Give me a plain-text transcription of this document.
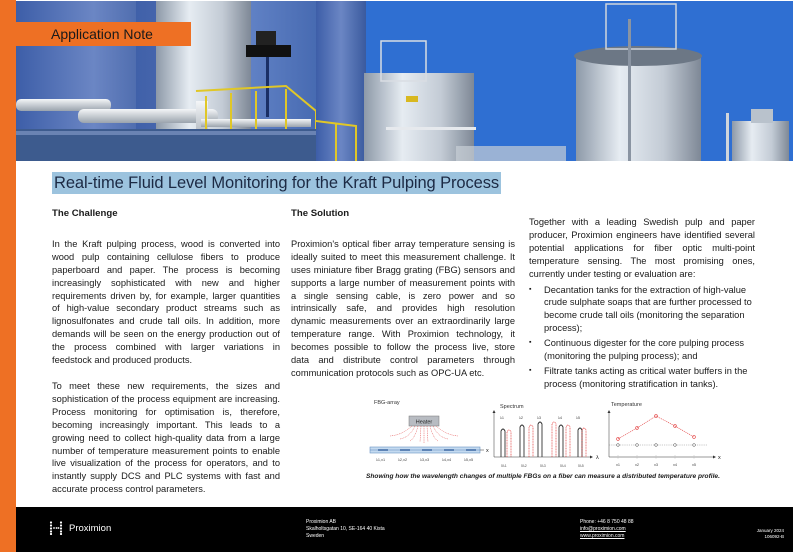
Application Note
Real-time Fluid Level Monitoring for the Kraft Pulping Process
The Challenge

In the Kraft pulping process, wood is converted into wood pulp containing cellulose fibers to produce paperboard and paper. The process is becoming increasingly sophisticated with new and higher requirements driven by, for example, larger quantities of high-value secondary product streams such as lignosulfonates and crude tall oils. In addition, more demands will be seen on the energy production out of the process combined with larger variations in feedstock and produced products.

To meet these new requirements, the sizes and sophistication of the process equipment are increasing. Process monitoring for optimisation is, therefore, becoming increasingly important. This leads to a growing need to collect high-quality data from a large number of temperature measurement points to enable live visualization of the process for operators, and to instantly supply DCS and PLC systems with fast and accurate process control parameters.

The Solution

Proximion's optical fiber array temperature sensing is ideally suited to meet this measurement challenge. It uses miniature fiber Bragg grating (FBG) sensors and supports a large number of measurement points with a single sensing cable, is zero power and so intrinsically safe, and provides high resolution dynamic measurements over an extraordinarily large temperature range. With Proximion technology, it becomes possible to follow the process live, store data and distribute control parameters through communication protocols such as OPC-UA etc.

Together with a leading Swedish pulp and paper producer, Proximion engineers have identified several potential applications for fiber optic multi-point temperature sensing. The most promising ones, currently under testing or evaluation are:

▪ Decantation tanks for the extraction of high-value crude sulphate soaps that are further processed to become crude tall oils (monitoring the separation process);
▪ Continuous digester for the core pulping process (monitoring the pulping process); and
▪ Filtrate tanks acting as critical water buffers in the process (monitoring stratification in tanks).
FBG-array
Heater
x
λ1,x1	λ2,x2	λ3,x3	λ4,x4	λ5,x5
Spectrum
λ
λ1	λ2	λ3	λ4	λ5
δλ1	δλ2	δλ3	δλ4	δλ5
Temperature
x
x1	x2	x3	x4	x5
Showing how the wavelength changes of multiple FBGs on a fiber can measure a distributed temperature profile.
Proximion
Proximion AB
Skalholtsgatan 10, SE-164 40 Kista
Sweden
Phone: +46 8 750 48 88
info@proximion.com
www.proximion.com
January 2024
106092-B
